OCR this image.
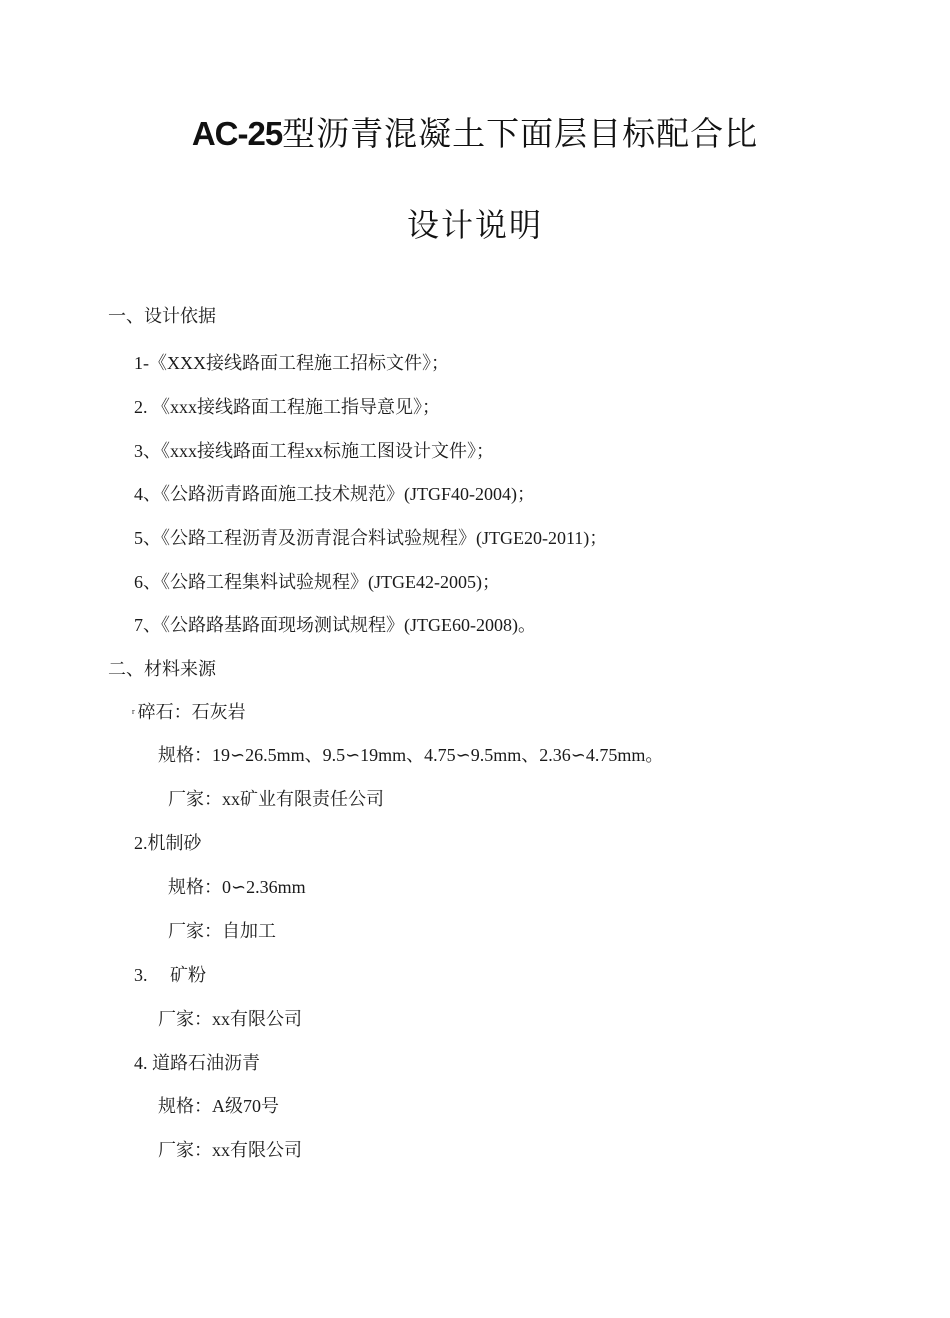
AC-25型沥青混凝土下面层目标配合比
设计说明
一、设计依据
1-《XXX接线路面工程施工招标文件》；
2. 《xxx接线路面工程施工指导意见》；
3、《xxx接线路面工程xx标施工图设计文件》；
4、《公路沥青路面施工技术规范》(JTGF40-2004)；
5、《公路工程沥青及沥青混合料试验规程》(JTGE20-2011)；
6、《公路工程集料试验规程》(JTGE42-2005)；
7、《公路路基路面现场测试规程》(JTGE60-2008)。
二、材料来源
$^r$ 碎石：石灰岩
规格：19∽26.5mm、9.5∽19mm、4.75∽9.5mm、2.36∽4.75mm。
厂家：xx矿业有限责任公司
2.机制砂
规格：0∽2.36mm
厂家：自加工
3. 矿粉
厂家：xx有限公司
4. 道路石油沥青
规格：A级70号
厂家：xx有限公司
